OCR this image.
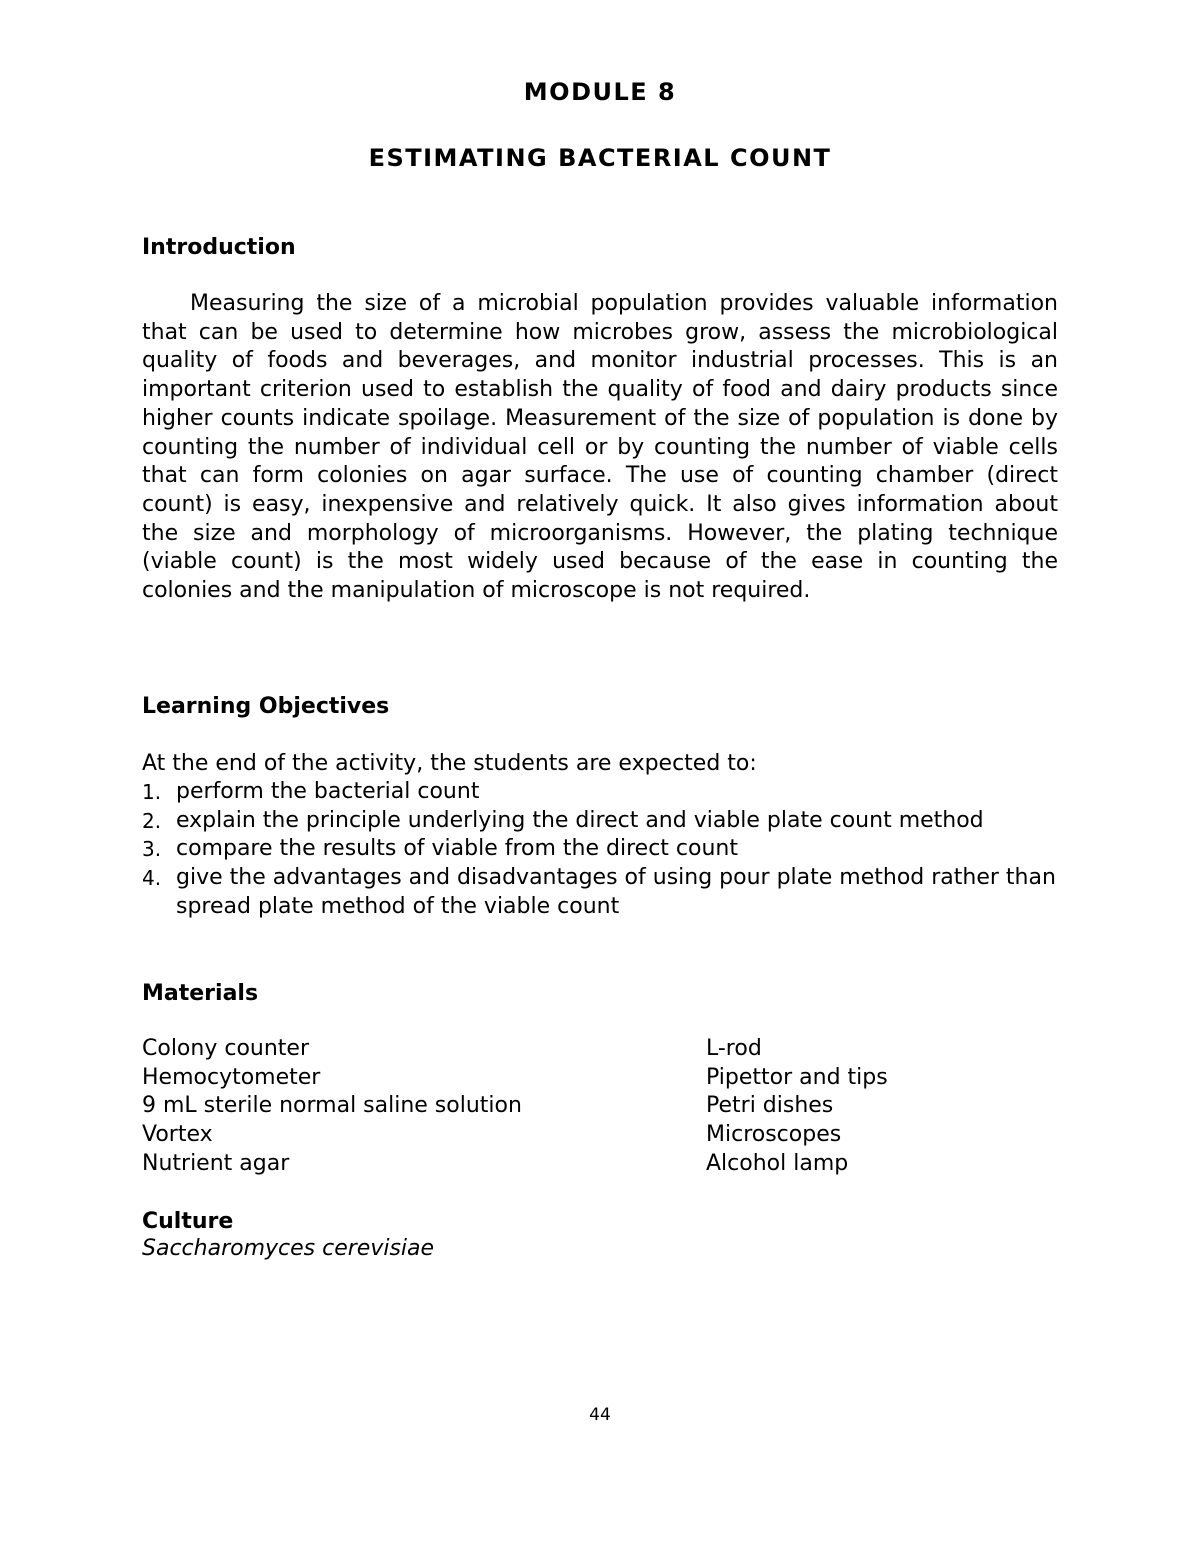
MODULE 8
ESTIMATING BACTERIAL COUNT
Introduction

Measuring the size of a microbial population provides valuable information that can be used to determine how microbes grow, assess the microbiological quality of foods and beverages, and monitor industrial processes. This is an important criterion used to establish the quality of food and dairy products since higher counts indicate spoilage. Measurement of the size of population is done by counting the number of individual cell or by counting the number of viable cells that can form colonies on agar surface. The use of counting chamber (direct count) is easy, inexpensive and relatively quick. It also gives information about the size and morphology of microorganisms. However, the plating technique (viable count) is the most widely used because of the ease in counting the colonies and the manipulation of microscope is not required.

Learning Objectives

At the end of the activity, the students are expected to:

1. perform the bacterial count
2. explain the principle underlying the direct and viable plate count method
3. compare the results of viable from the direct count
4. give the advantages and disadvantages of using pour plate method rather than spread plate method of the viable count
Materials
Colony counter
Hemocytometer
9 mL sterile normal saline solution
Vortex
Nutrient agar
L-rod
Pipettor and tips
Petri dishes
Microscopes
Alcohol lamp
Culture

Saccharomyces cerevisiae

44
